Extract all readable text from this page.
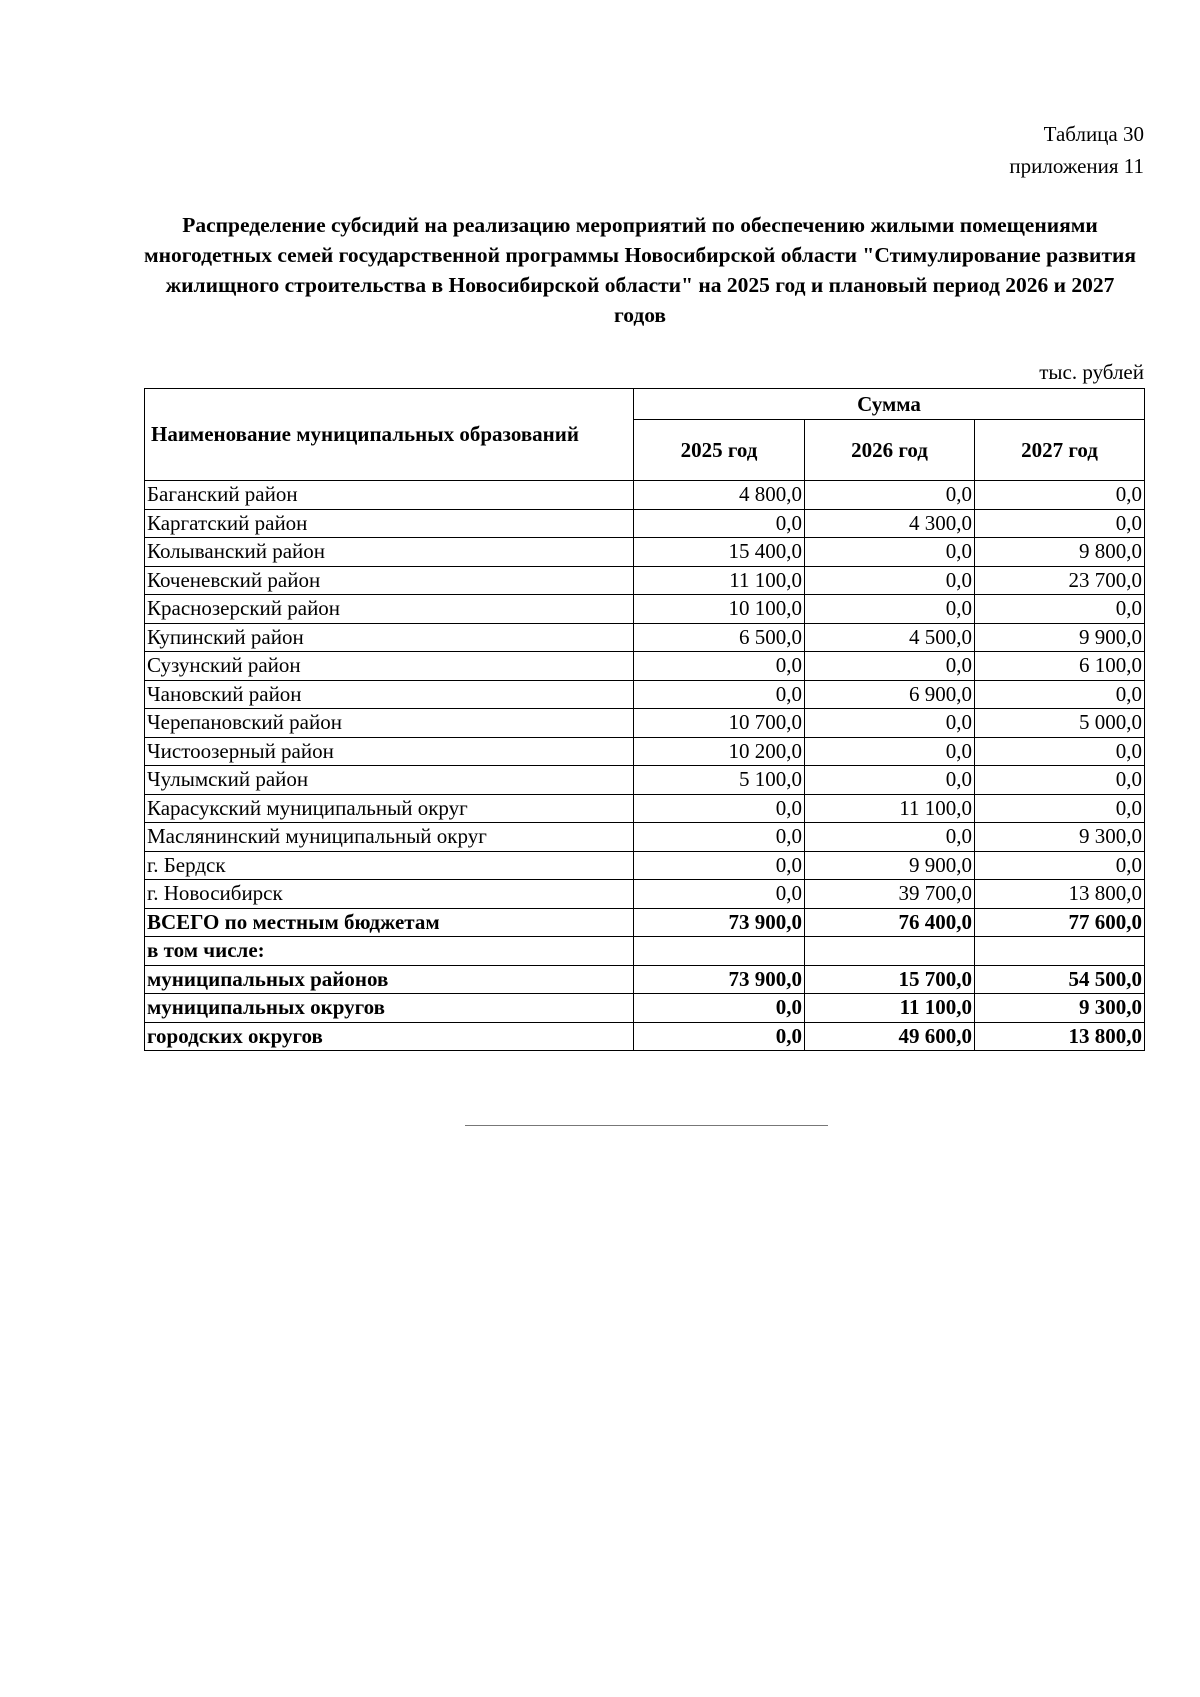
Таблица 30
приложения 11
Распределение субсидий на реализацию мероприятий по обеспечению жилыми помещениями многодетных семей государственной программы Новосибирской области "Стимулирование развития жилищного строительства в Новосибирской области" на 2025 год и плановый период 2026 и 2027 годов
тыс. рублей
Наименование муниципальных образований	Сумма		
	2025 год	2026 год	2027 год
Баганский район	4 800,0	0,0	0,0
Каргатский район	0,0	4 300,0	0,0
Колыванский район	15 400,0	0,0	9 800,0
Коченевский район	11 100,0	0,0	23 700,0
Краснозерский район	10 100,0	0,0	0,0
Купинский район	6 500,0	4 500,0	9 900,0
Сузунский район	0,0	0,0	6 100,0
Чановский район	0,0	6 900,0	0,0
Черепановский район	10 700,0	0,0	5 000,0
Чистоозерный район	10 200,0	0,0	0,0
Чулымский район	5 100,0	0,0	0,0
Карасукский муниципальный округ	0,0	11 100,0	0,0
Маслянинский муниципальный округ	0,0	0,0	9 300,0
г. Бердск	0,0	9 900,0	0,0
г. Новосибирск	0,0	39 700,0	13 800,0
ВСЕГО по местным бюджетам	73 900,0	76 400,0	77 600,0
в том числе:			
муниципальных районов	73 900,0	15 700,0	54 500,0
муниципальных округов	0,0	11 100,0	9 300,0
городских округов	0,0	49 600,0	13 800,0
